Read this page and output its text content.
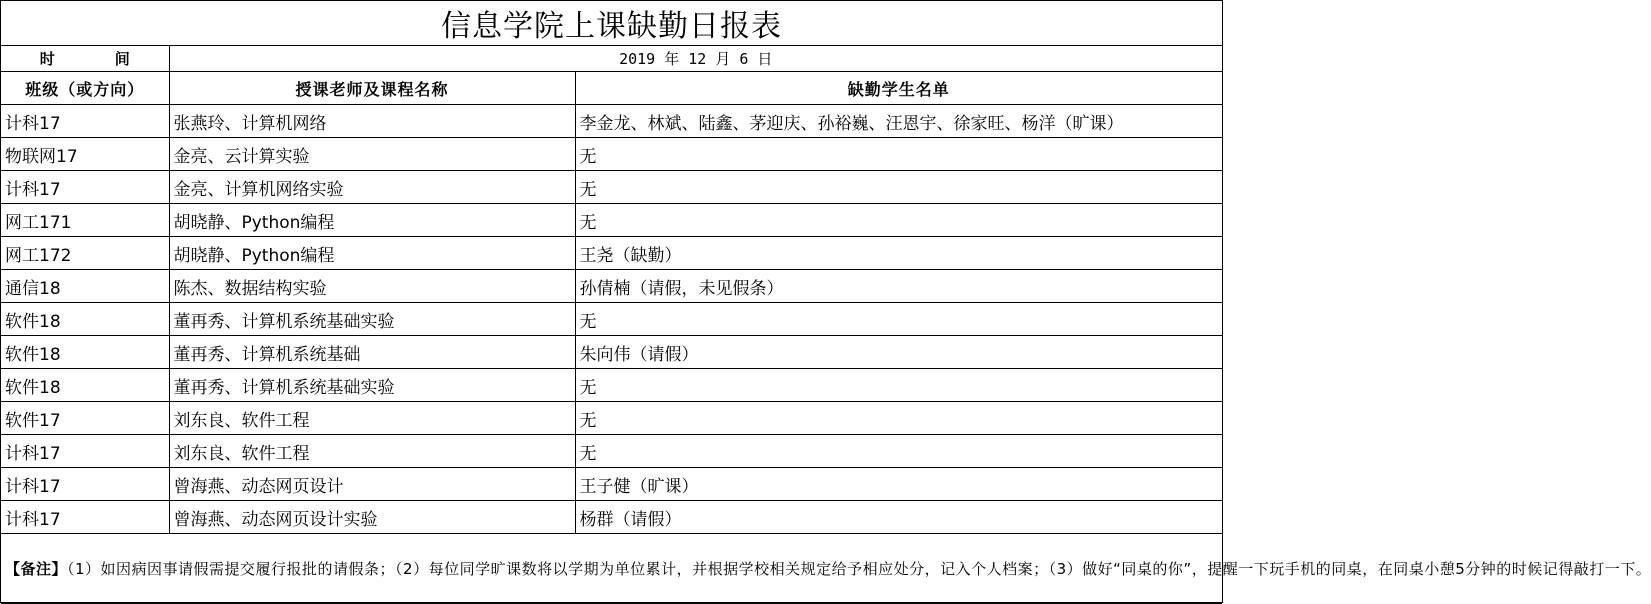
信息学院上课缺勤日报表		
时 间	2019 年 12 月 6 日	
班级（或方向）	授课老师及课程名称	缺勤学生名单
计科17	张燕玲、计算机网络	李金龙、林斌、陆鑫、茅迎庆、孙裕巍、汪恩宇、徐家旺、杨洋（旷课）
物联网17	金亮、云计算实验	无
计科17	金亮、计算机网络实验	无
网工171	胡晓静、Python编程	无
网工172	胡晓静、Python编程	王尧（缺勤）
通信18	陈杰、数据结构实验	孙倩楠（请假，未见假条）
软件18	董再秀、计算机系统基础实验	无
软件18	董再秀、计算机系统基础	朱向伟（请假）
软件18	董再秀、计算机系统基础实验	无
软件17	刘东良、软件工程	无
计科17	刘东良、软件工程	无
计科17	曾海燕、动态网页设计	王子健（旷课）
计科17	曾海燕、动态网页设计实验	杨群（请假）
【备注】（1）如因病因事请假需提交履行报批的请假条；（2）每位同学旷课数将以学期为单位累计，并根据学校相关规定给予相应处分，记入个人档案；（3）做好“同桌的你”，提醒一下玩手机的同桌，在同桌小憩5分钟的时候记得敲打一下。		
